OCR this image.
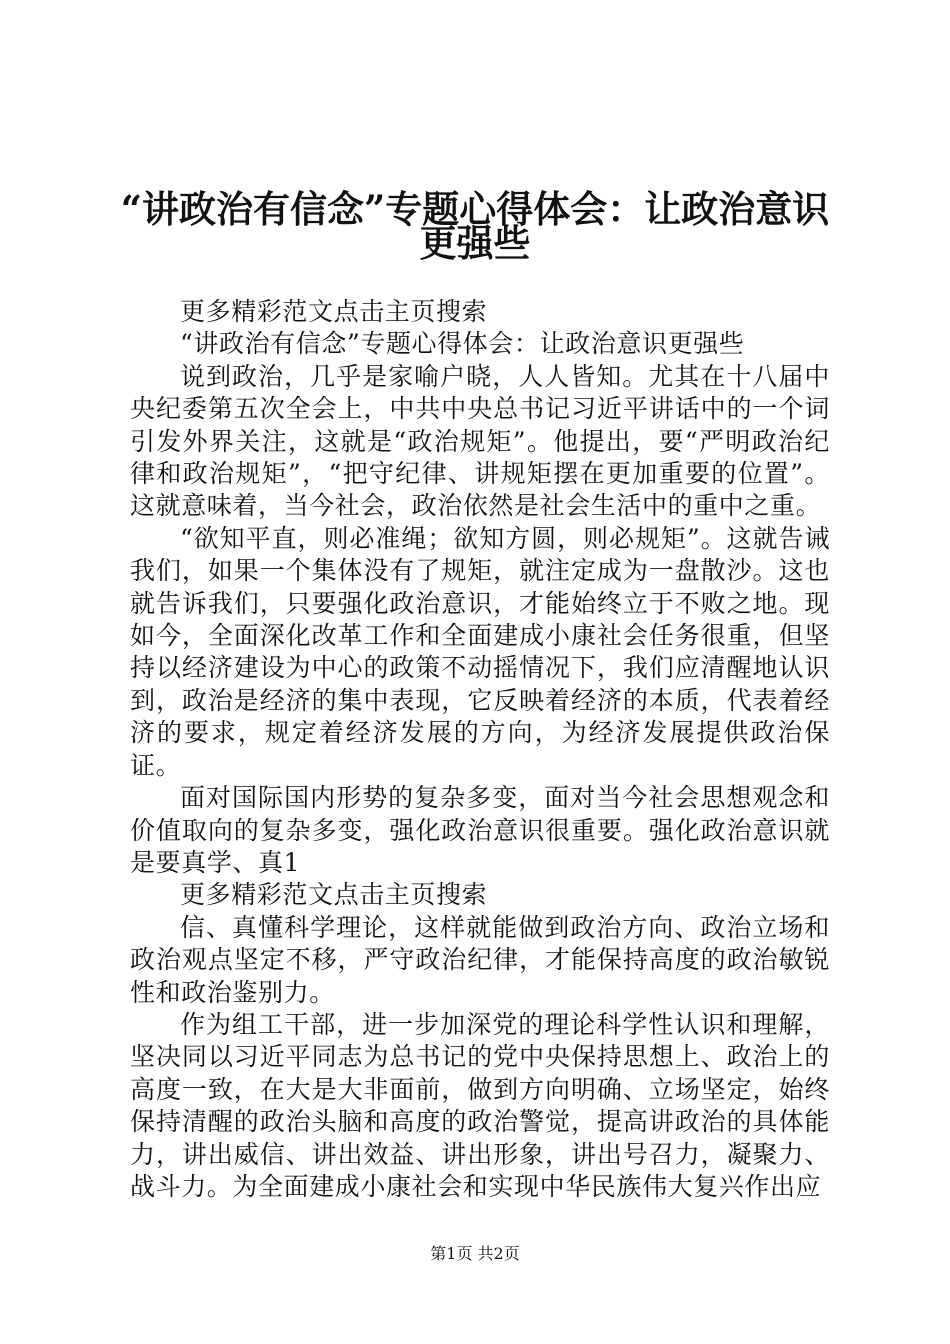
“讲政治有信念”专题心得体会：让政治意识
更强些

更多精彩范文点击主页搜索

“讲政治有信念”专题心得体会：让政治意识更强些

说到政治，几乎是家喻户晓，人人皆知。尤其在十八届中央纪委第五次全会上，中共中央总书记习近平讲话中的一个词引发外界关注，这就是“政治规矩”。他提出，要“严明政治纪律和政治规矩”，“把守纪律、讲规矩摆在更加重要的位置”。这就意味着，当今社会，政治依然是社会生活中的重中之重。

“欲知平直，则必准绳；欲知方圆，则必规矩”。这就告诫我们，如果一个集体没有了规矩，就注定成为一盘散沙。这也就告诉我们，只要强化政治意识，才能始终立于不败之地。现如今，全面深化改革工作和全面建成小康社会任务很重，但坚持以经济建设为中心的政策不动摇情况下，我们应清醒地认识到，政治是经济的集中表现，它反映着经济的本质，代表着经济的要求，规定着经济发展的方向，为经济发展提供政治保证。

面对国际国内形势的复杂多变，面对当今社会思想观念和价值取向的复杂多变，强化政治意识很重要。强化政治意识就是要真学、真1

更多精彩范文点击主页搜索

信、真懂科学理论，这样就能做到政治方向、政治立场和政治观点坚定不移，严守政治纪律，才能保持高度的政治敏锐性和政治鉴别力。

作为组工干部，进一步加深党的理论科学性认识和理解，坚决同以习近平同志为总书记的党中央保持思想上、政治上的高度一致，在大是大非面前，做到方向明确、立场坚定，始终保持清醒的政治头脑和高度的政治警觉，提高讲政治的具体能力，讲出威信、讲出效益、讲出形象，讲出号召力，凝聚力、战斗力。为全面建成小康社会和实现中华民族伟大复兴作出应

第1页 共2页
